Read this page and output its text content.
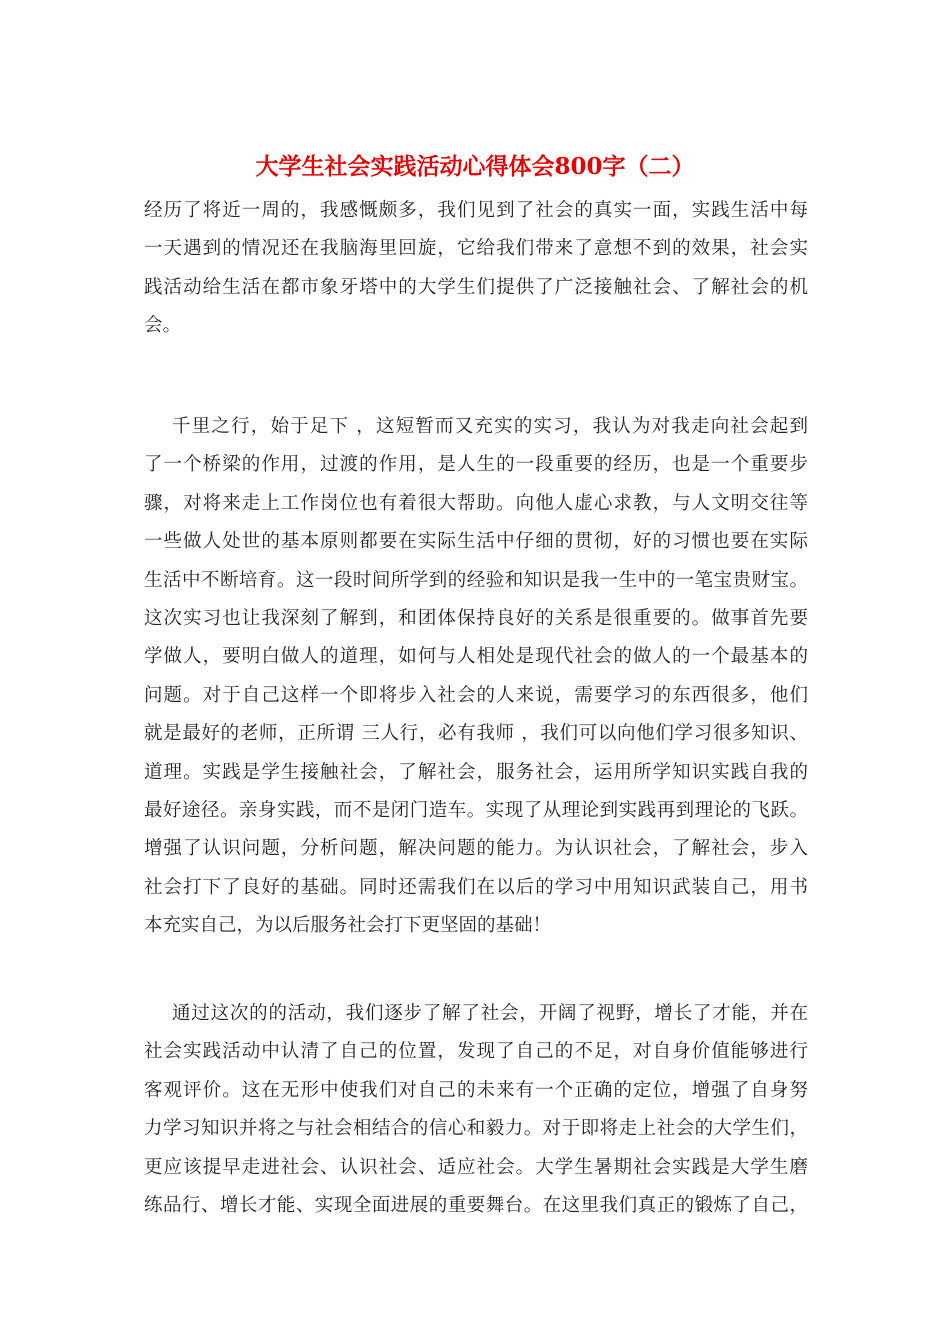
大学生社会实践活动心得体会800字（二）
经历了将近一周的，我感慨颇多，我们见到了社会的真实一面，实践生活中每
一天遇到的情况还在我脑海里回旋，它给我们带来了意想不到的效果，社会实
践活动给生活在都市象牙塔中的大学生们提供了广泛接触社会、了解社会的机
会。
千里之行，始于足下 ，这短暂而又充实的实习，我认为对我走向社会起到
了一个桥梁的作用，过渡的作用，是人生的一段重要的经历，也是一个重要步
骤，对将来走上工作岗位也有着很大帮助。向他人虚心求教，与人文明交往等
一些做人处世的基本原则都要在实际生活中仔细的贯彻，好的习惯也要在实际
生活中不断培育。这一段时间所学到的经验和知识是我一生中的一笔宝贵财宝。
这次实习也让我深刻了解到，和团体保持良好的关系是很重要的。做事首先要
学做人，要明白做人的道理，如何与人相处是现代社会的做人的一个最基本的
问题。对于自己这样一个即将步入社会的人来说，需要学习的东西很多，他们
就是最好的老师，正所谓 三人行，必有我师 ，我们可以向他们学习很多知识、
道理。实践是学生接触社会，了解社会，服务社会，运用所学知识实践自我的
最好途径。亲身实践，而不是闭门造车。实现了从理论到实践再到理论的飞跃。
增强了认识问题，分析问题，解决问题的能力。为认识社会，了解社会，步入
社会打下了良好的基础。同时还需我们在以后的学习中用知识武装自己，用书
本充实自己，为以后服务社会打下更坚固的基础！
通过这次的的活动，我们逐步了解了社会，开阔了视野，增长了才能，并在
社会实践活动中认清了自己的位置，发现了自己的不足，对自身价值能够进行
客观评价。这在无形中使我们对自己的未来有一个正确的定位，增强了自身努
力学习知识并将之与社会相结合的信心和毅力。对于即将走上社会的大学生们，
更应该提早走进社会、认识社会、适应社会。大学生暑期社会实践是大学生磨
练品行、增长才能、实现全面进展的重要舞台。在这里我们真正的锻炼了自己，
